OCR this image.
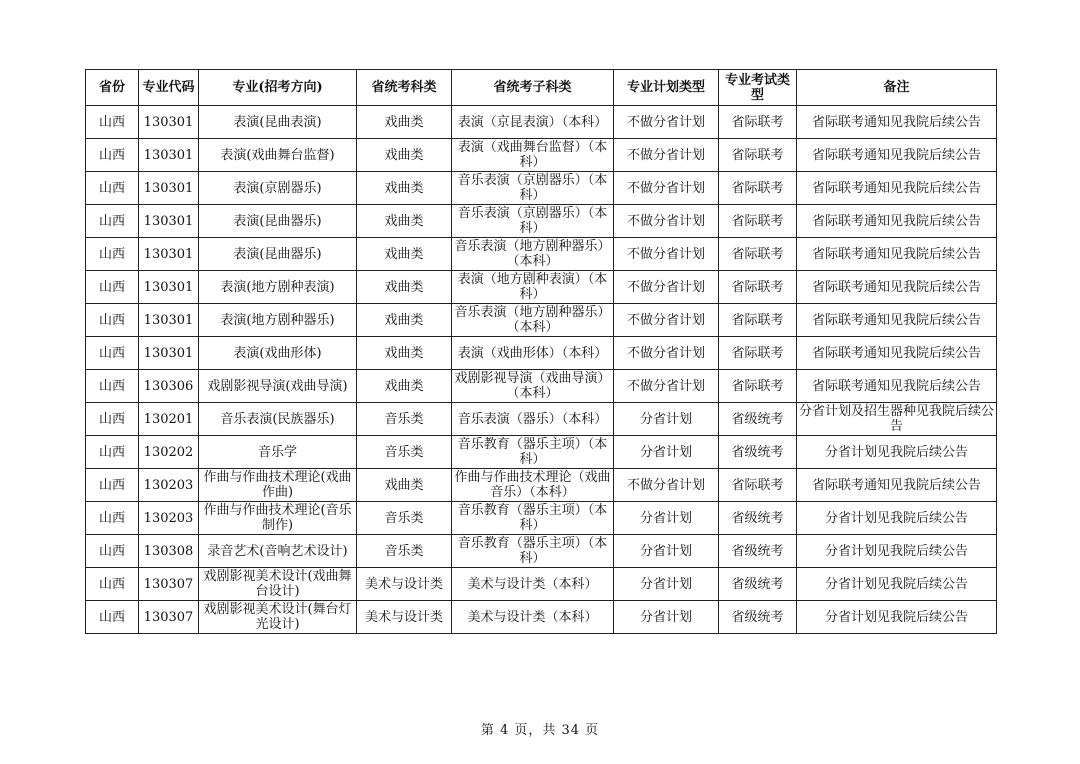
省份	专业代码	专业(招考方向)	省统考科类	省统考子科类	专业计划类型	专业考试类型	备注
山西	130301	表演(昆曲表演)	戏曲类	表演（京昆表演）（本科）	不做分省计划	省际联考	省际联考通知见我院后续公告
山西	130301	表演(戏曲舞台监督)	戏曲类	表演（戏曲舞台监督）（本科）	不做分省计划	省际联考	省际联考通知见我院后续公告
山西	130301	表演(京剧器乐)	戏曲类	音乐表演（京剧器乐）（本科）	不做分省计划	省际联考	省际联考通知见我院后续公告
山西	130301	表演(昆曲器乐)	戏曲类	音乐表演（京剧器乐）（本科）	不做分省计划	省际联考	省际联考通知见我院后续公告
山西	130301	表演(昆曲器乐)	戏曲类	音乐表演（地方剧种器乐）（本科）	不做分省计划	省际联考	省际联考通知见我院后续公告
山西	130301	表演(地方剧种表演)	戏曲类	表演（地方剧种表演）（本科）	不做分省计划	省际联考	省际联考通知见我院后续公告
山西	130301	表演(地方剧种器乐)	戏曲类	音乐表演（地方剧种器乐）（本科）	不做分省计划	省际联考	省际联考通知见我院后续公告
山西	130301	表演(戏曲形体)	戏曲类	表演（戏曲形体）（本科）	不做分省计划	省际联考	省际联考通知见我院后续公告
山西	130306	戏剧影视导演(戏曲导演)	戏曲类	戏剧影视导演（戏曲导演）（本科）	不做分省计划	省际联考	省际联考通知见我院后续公告
山西	130201	音乐表演(民族器乐)	音乐类	音乐表演（器乐）（本科）	分省计划	省级统考	分省计划及招生器种见我院后续公告
山西	130202	音乐学	音乐类	音乐教育（器乐主项）（本科）	分省计划	省级统考	分省计划见我院后续公告
山西	130203	作曲与作曲技术理论(戏曲作曲)	戏曲类	作曲与作曲技术理论（戏曲音乐）（本科）	不做分省计划	省际联考	省际联考通知见我院后续公告
山西	130203	作曲与作曲技术理论(音乐制作)	音乐类	音乐教育（器乐主项）（本科）	分省计划	省级统考	分省计划见我院后续公告
山西	130308	录音艺术(音响艺术设计)	音乐类	音乐教育（器乐主项）（本科）	分省计划	省级统考	分省计划见我院后续公告
山西	130307	戏剧影视美术设计(戏曲舞台设计)	美术与设计类	美术与设计类（本科）	分省计划	省级统考	分省计划见我院后续公告
山西	130307	戏剧影视美术设计(舞台灯光设计)	美术与设计类	美术与设计类（本科）	分省计划	省级统考	分省计划见我院后续公告
第 4 页，共 34 页
